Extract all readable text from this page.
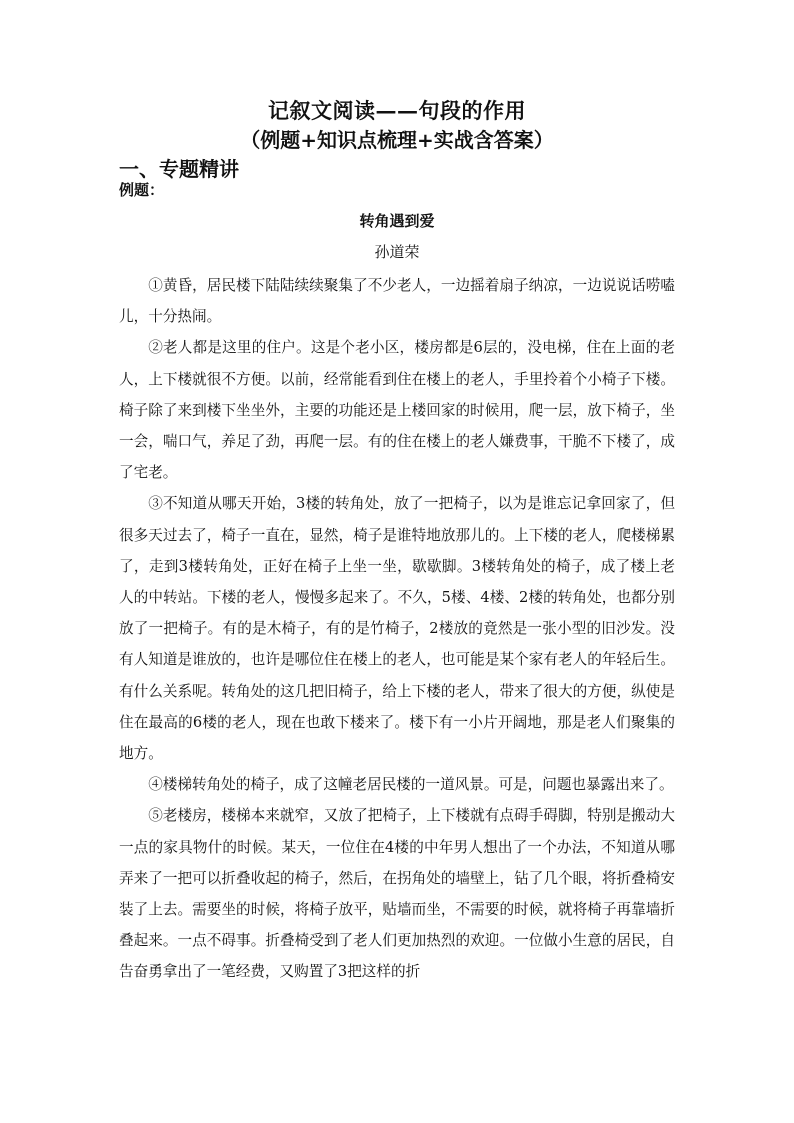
记叙文阅读——句段的作用
（例题+知识点梳理+实战含答案）
一、专题精讲
例题：
转角遇到爱
孙道荣

①黄昏，居民楼下陆陆续续聚集了不少老人，一边摇着扇子纳凉，一边说说话唠嗑儿，十分热闹。

②老人都是这里的住户。这是个老小区，楼房都是6层的，没电梯，住在上面的老人，上下楼就很不方便。以前，经常能看到住在楼上的老人，手里拎着个小椅子下楼。椅子除了来到楼下坐坐外，主要的功能还是上楼回家的时候用，爬一层，放下椅子，坐一会，喘口气，养足了劲，再爬一层。有的住在楼上的老人嫌费事，干脆不下楼了，成了宅老。

③不知道从哪天开始，3楼的转角处，放了一把椅子，以为是谁忘记拿回家了，但很多天过去了，椅子一直在，显然，椅子是谁特地放那儿的。上下楼的老人，爬楼梯累了，走到3楼转角处，正好在椅子上坐一坐，歇歇脚。3楼转角处的椅子，成了楼上老人的中转站。下楼的老人，慢慢多起来了。不久，5楼、4楼、2楼的转角处，也都分别放了一把椅子。有的是木椅子，有的是竹椅子，2楼放的竟然是一张小型的旧沙发。没有人知道是谁放的，也许是哪位住在楼上的老人，也可能是某个家有老人的年轻后生。有什么关系呢。转角处的这几把旧椅子，给上下楼的老人，带来了很大的方便，纵使是住在最高的6楼的老人，现在也敢下楼来了。楼下有一小片开阔地，那是老人们聚集的地方。

④楼梯转角处的椅子，成了这幢老居民楼的一道风景。可是，问题也暴露出来了。

⑤老楼房，楼梯本来就窄，又放了把椅子，上下楼就有点碍手碍脚，特别是搬动大一点的家具物什的时候。某天，一位住在4楼的中年男人想出了一个办法，不知道从哪弄来了一把可以折叠收起的椅子，然后，在拐角处的墙壁上，钻了几个眼，将折叠椅安装了上去。需要坐的时候，将椅子放平，贴墙而坐，不需要的时候，就将椅子再靠墙折叠起来。一点不碍事。折叠椅受到了老人们更加热烈的欢迎。一位做小生意的居民，自告奋勇拿出了一笔经费，又购置了3把这样的折
